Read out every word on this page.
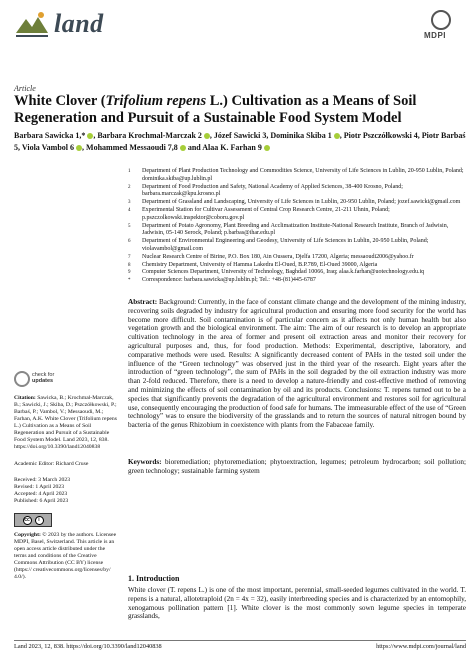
land	MDPI
Article
White Clover (Trifolium repens L.) Cultivation as a Means of Soil Regeneration and Pursuit of a Sustainable Food System Model
Barbara Sawicka 1,* , Barbara Krochmal-Marczak 2 , Józef Sawicki 3, Dominika Skiba 1 , Piotr Pszczółkowski 4, Piotr Barbaś 5, Viola Vambol 6 , Mohammed Messaoudi 7,8  and Alaa K. Farhan 9
1 Department of Plant Production Technology and Commodities Science, University of Life Sciences in Lublin, 20-950 Lublin, Poland; dominika.skiba@up.lublin.pl
2 Department of Food Production and Safety, National Academy of Applied Sciences, 38-400 Krosno, Poland; barbara.marczak@kpu.krosno.pl
3 Department of Grassland and Landscaping, University of Life Sciences in Lublin, 20-950 Lublin, Poland; jozef.sawicki@gmail.com
4 Experimental Station for Cultivar Assessment of Central Crop Research Centre, 21-211 Uhnin, Poland; p.pszczolkowski.inspektor@coboru.gov.pl
5 Department of Potato Agronomy, Plant Breeding and Acclimatization Institute-National Research Institute, Branch of Jadwisin, Jadwisin, 05-140 Serock, Poland; p.barbas@ihar.edu.pl
6 Department of Environmental Engineering and Geodesy, University of Life Sciences in Lublin, 20-950 Lublin, Poland; violavambol@gmail.com
7 Nuclear Research Centre of Birine, P.O. Box 180, Ain Oussera, Djelfa 17200, Algeria; messaoudi2006@yahoo.fr
8 Chemistry Department, University of Hamma Lakedra El-Oued, B.P.789, El-Oued 39000, Algeria
9 Computer Sciences Department, University of Technology, Baghdad 10066, Iraq; alaa.k.farhan@uotechnology.edu.iq
* Correspondence: barbara.sawicka@up.lublin.pl; Tel.: +48-(81)445-6787
Abstract: Background: Currently, in the face of constant climate change and the development of the mining industry, recovering soils degraded by industry for agricultural production and ensuring more food security for the world has become more difficult. Soil contamination is of particular concern as it affects not only human health but also vegetation growth and the biological environment. The aim: The aim of our research is to develop an appropriate cultivation technology in the area of former and present oil extraction areas and monitor their recovery for agricultural purposes and, thus, for food production. Methods: Experimental, descriptive, laboratory, and comparative methods were used. Results: A significantly decreased content of PAHs in the tested soil under the influence of the “Green technology” was observed just in the third year of the research. Eight years after the introduction of “green technology”, the sum of PAHs in the soil degraded by the oil extraction industry was more than 2-fold reduced. Therefore, there is a need to develop a nature-friendly and cost-effective method of removing and minimizing the effects of soil contamination by oil and its products. Conclusions: T. repens turned out to be a species that significantly prevents the degradation of the agricultural environment and restores soil for agricultural use, consequently encouraging the production of food safe for humans. The immeasurable effect of the use of “Green technology” was to ensure the biodiversity of the grasslands and to return the sources of natural nitrogen bound by bacteria of the genus Rhizobium in coexistence with plants from the Fabaceae family.
Keywords: bioremediation; phytoremediation; phytoextraction, legumes; petroleum hydrocarbon; soil pollution; green technology; sustainable farming system
check for
updates
Citation: Sawicka, B.; Krochmal-Marczak, B.; Sawicki, J.; Skiba, D.; Pszczółkowski, P.; Barbaś, P.; Vambol, V.; Messaoudi, M.; Farhan, A.K. White Clover (Trifolium repens L.) Cultivation as a Means of Soil Regeneration and Pursuit of a Sustainable Food System Model. Land 2023, 12, 838. https://doi.org/10.3390/land12040838
Academic Editor: Richard Cruse
Received: 3 March 2023
Revised: 1 April 2023
Accepted: 4 April 2023
Published: 6 April 2023
cc	i
Copyright: © 2023 by the authors. Licensee MDPI, Basel, Switzerland. This article is an open access article distributed under the terms and conditions of the Creative Commons Attribution (CC BY) license (https:// creativecommons.org/licenses/by/ 4.0/).	1. Introduction
White clover (T. repens L.) is one of the most important, perennial, small-seeded legumes cultivated in the world. T. repens is a natural, allotetraploid (2n = 4x = 32), easily interbreeding species and is characterized by an entomophily, xenogamous pollination pattern [1]. White clover is the most commonly sown legume species in temperate grasslands,
Land 2023, 12, 838. https://doi.org/10.3390/land12040838	https://www.mdpi.com/journal/land
